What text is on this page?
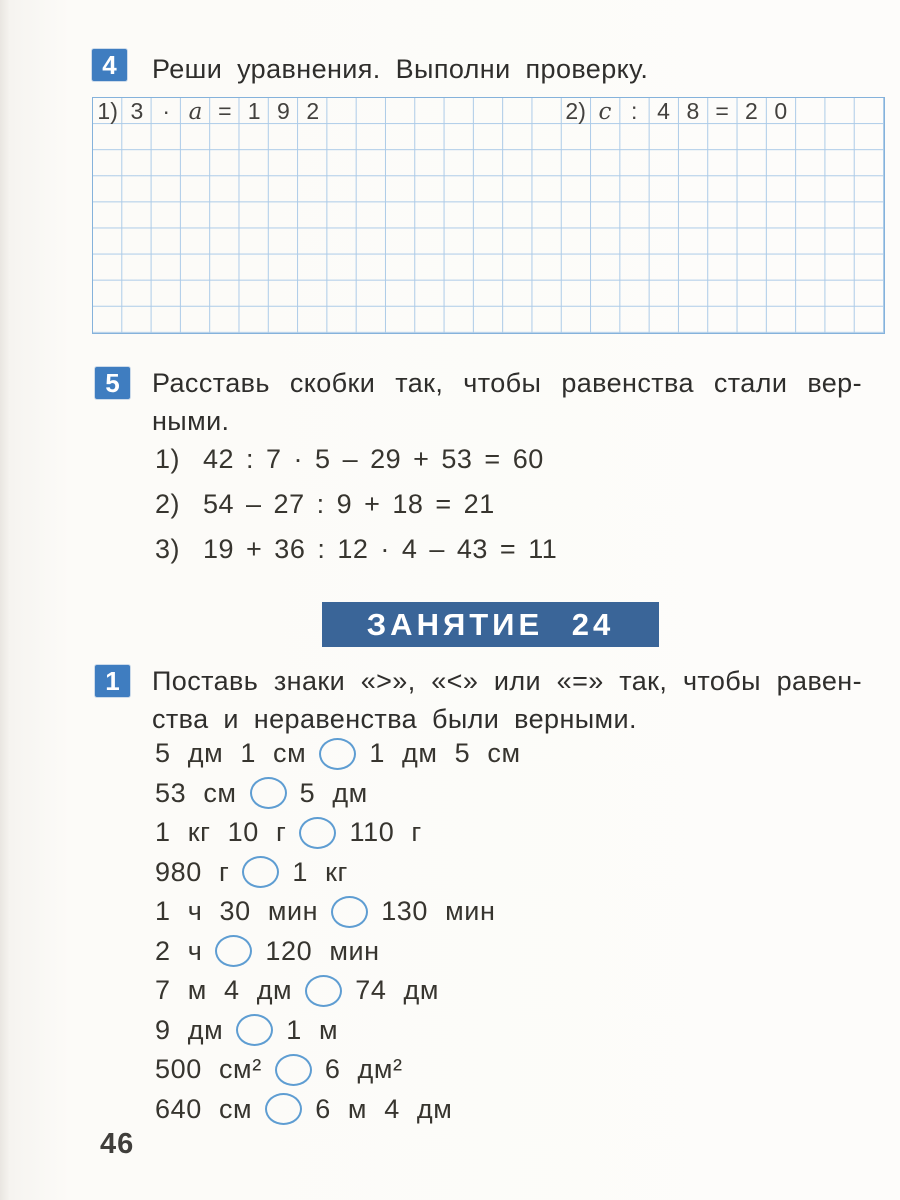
4	Реши уравнения. Выполни проверку.
1) 3 · a = 1 9 2	2) c : 4 8 = 2 0
5	Расставь скобки так, чтобы равенства стали вер-
ными.
1) 42 : 7 · 5 – 29 + 53 = 60
2) 54 – 27 : 9 + 18 = 21
3) 19 + 36 : 12 · 4 – 43 = 11
ЗАНЯТИЕ 24
1	Поставь знаки «>», «<» или «=» так, чтобы равен-
ства и неравенства были верными.
5 дм 1 см 1 дм 5 см
53 см 5 дм
1 кг 10 г 110 г
980 г 1 кг
1 ч 30 мин 130 мин
2 ч 120 мин
7 м 4 дм 74 дм
9 дм 1 м
500 см² 6 дм²
640 см 6 м 4 дм
46
